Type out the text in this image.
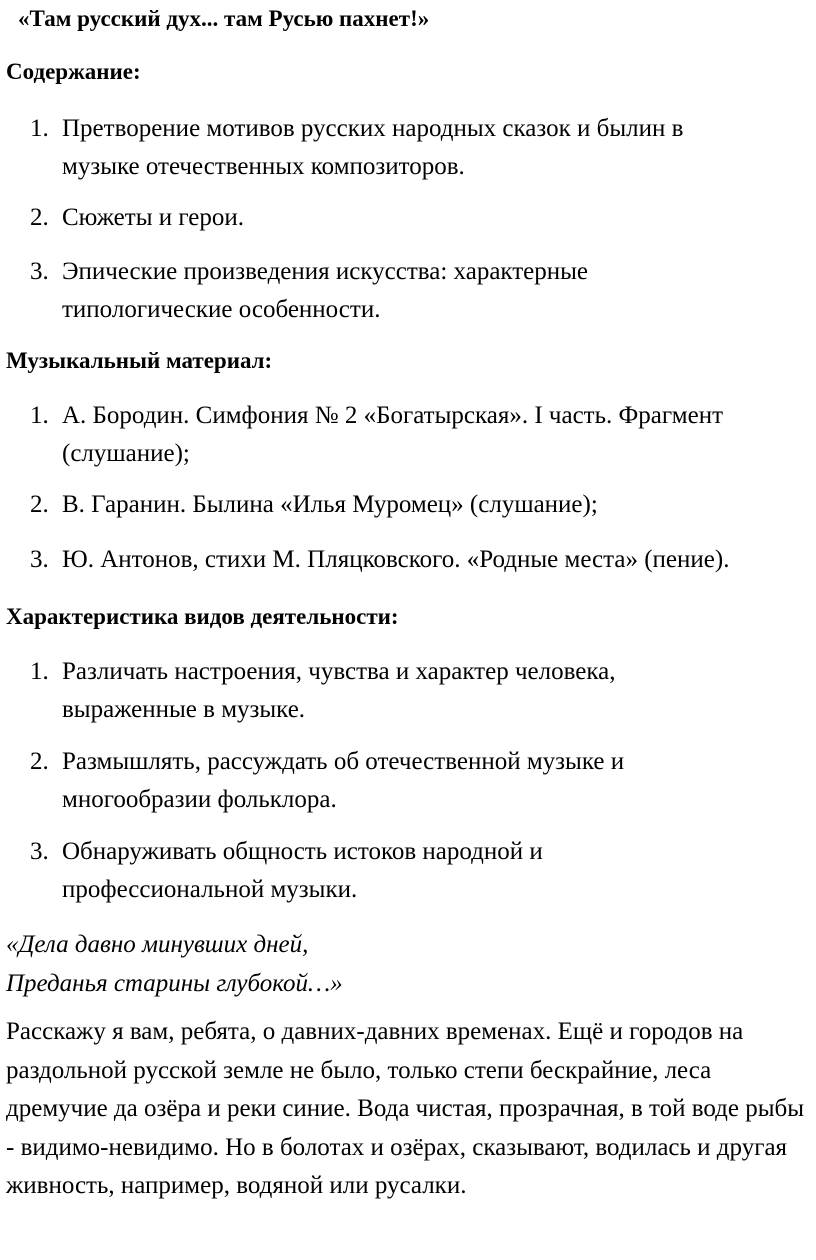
«Там русский дух... там Русью пахнет!»
Содержание:
1. Претворение мотивов русских народных сказок и былин в музыке отечественных композиторов.
2. Сюжеты и герои.
3. Эпические произведения искусства: характерные типологические особенности.
Музыкальный материал:
1. А. Бородин. Симфония № 2 «Богатырская». I часть. Фрагмент (слушание);
2. В. Гаранин. Былина «Илья Муромец» (слушание);
3. Ю. Антонов, стихи М. Пляцковского. «Родные места» (пение).
Характеристика видов деятельности:
1. Различать настроения, чувства и характер человека, выраженные в музыке.
2. Размышлять, рассуждать об отечественной музыке и многообразии фольклора.
3. Обнаруживать общность истоков народной и профессиональной музыки.
«Дела давно минувших дней,
Преданья старины глубокой…»
Расскажу я вам, ребята, о давних-давних временах. Ещё и городов на раздольной русской земле не было, только степи бескрайние, леса дремучие да озёра и реки синие. Вода чистая, прозрачная, в той воде рыбы - видимо-невидимо. Но в болотах и озёрах, сказывают, водилась и другая живность, например, водяной или русалки.
